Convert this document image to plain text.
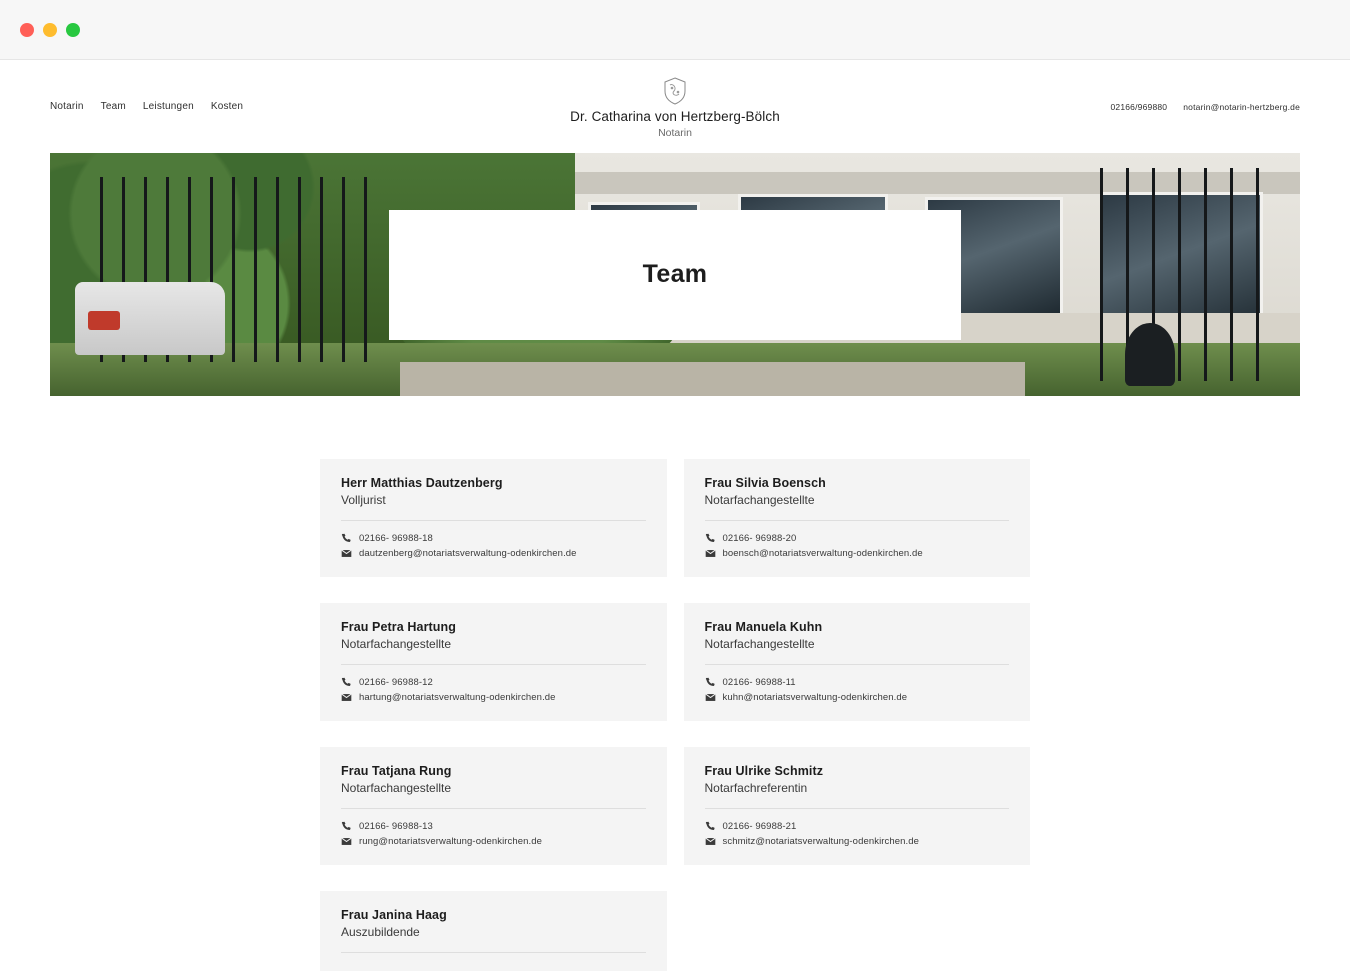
Notarin Team Leistungen Kosten
Dr. Catharina von Hertzberg-Bölch
Notarin
02166/969880 notarin@notarin-hertzberg.de
Team
Herr Matthias Dautzenberg
Volljurist
02166- 96988-18
dautzenberg@notariatsverwaltung-odenkirchen.de
Frau Silvia Boensch
Notarfachangestellte
02166- 96988-20
boensch@notariatsverwaltung-odenkirchen.de
Frau Petra Hartung
Notarfachangestellte
02166- 96988-12
hartung@notariatsverwaltung-odenkirchen.de
Frau Manuela Kuhn
Notarfachangestellte
02166- 96988-11
kuhn@notariatsverwaltung-odenkirchen.de
Frau Tatjana Rung
Notarfachangestellte
02166- 96988-13
rung@notariatsverwaltung-odenkirchen.de
Frau Ulrike Schmitz
Notarfachreferentin
02166- 96988-21
schmitz@notariatsverwaltung-odenkirchen.de
Frau Janina Haag
Auszubildende
